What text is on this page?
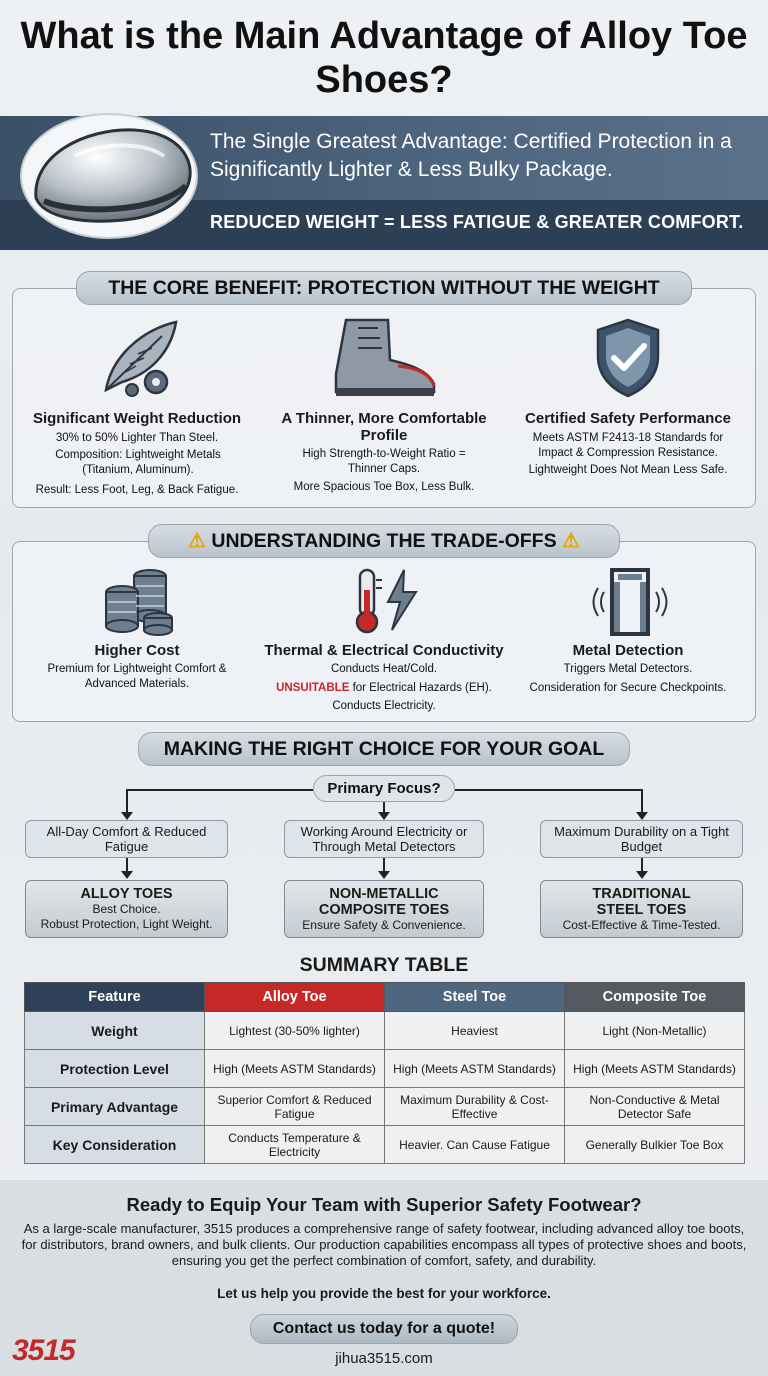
What is the Main Advantage of Alloy Toe Shoes?
The Single Greatest Advantage: Certified Protection in a Significantly Lighter & Less Bulky Package.
REDUCED WEIGHT = LESS FATIGUE & GREATER COMFORT.
THE CORE BENEFIT: PROTECTION WITHOUT THE WEIGHT
Significant Weight Reduction
30% to 50% Lighter Than Steel.
Composition: Lightweight Metals (Titanium, Aluminum).
Result: Less Foot, Leg, & Back Fatigue.
A Thinner, More Comfortable Profile
High Strength-to-Weight Ratio = Thinner Caps.
More Spacious Toe Box, Less Bulk.
Certified Safety Performance
Meets ASTM F2413-18 Standards for Impact & Compression Resistance.
Lightweight Does Not Mean Less Safe.
⚠ UNDERSTANDING THE TRADE-OFFS ⚠
Higher Cost
Premium for Lightweight Comfort & Advanced Materials.
Thermal & Electrical Conductivity
Conducts Heat/Cold.
UNSUITABLE for Electrical Hazards (EH).
Conducts Electricity.
Metal Detection
Triggers Metal Detectors.
Consideration for Secure Checkpoints.
MAKING THE RIGHT CHOICE FOR YOUR GOAL
Primary Focus?
All-Day Comfort & Reduced Fatigue
Working Around Electricity or Through Metal Detectors
Maximum Durability on a Tight Budget
ALLOY TOES
Best Choice.
Robust Protection, Light Weight.
NON-METALLIC COMPOSITE TOES
Ensure Safety & Convenience.
TRADITIONAL STEEL TOES
Cost-Effective & Time-Tested.
SUMMARY TABLE
Feature	Alloy Toe	Steel Toe	Composite Toe
Weight	Lightest (30-50% lighter)	Heaviest	Light (Non-Metallic)
Protection Level	High (Meets ASTM Standards)	High (Meets ASTM Standards)	High (Meets ASTM Standards)
Primary Advantage	Superior Comfort & Reduced Fatigue	Maximum Durability & Cost-Effective	Non-Conductive & Metal Detector Safe
Key Consideration	Conducts Temperature & Electricity	Heavier. Can Cause Fatigue	Generally Bulkier Toe Box
Ready to Equip Your Team with Superior Safety Footwear?
As a large-scale manufacturer, 3515 produces a comprehensive range of safety footwear, including advanced alloy toe boots, for distributors, brand owners, and bulk clients. Our production capabilities encompass all types of protective shoes and boots, ensuring you get the perfect combination of comfort, safety, and durability.
Let us help you provide the best for your workforce.
Contact us today for a quote!
jihua3515.com
3515
